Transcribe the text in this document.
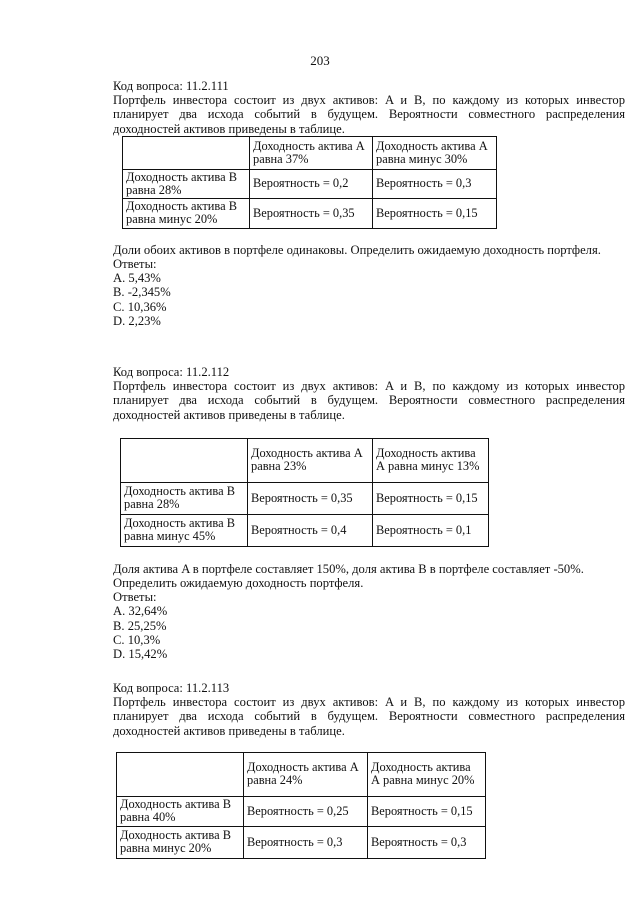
203

Код вопроса: 11.2.111

Портфель инвестора состоит из двух активов: A и B, по каждому из которых инвестор планирует два исхода событий в будущем. Вероятности совместного распределения доходностей активов приведены в таблице.

	Доходность актива А равна 37%	Доходность актива А равна минус 30%
Доходность актива В равна 28%	Вероятность = 0,2	Вероятность = 0,3
Доходность актива В равна минус 20%	Вероятность = 0,35	Вероятность = 0,15

Доли обоих активов в портфеле одинаковы. Определить ожидаемую доходность портфеля.

Ответы:
A. 5,43%
B. -2,345%
C. 10,36%
D. 2,23%

Код вопроса: 11.2.112

Портфель инвестора состоит из двух активов: A и B, по каждому из которых инвестор планирует два исхода событий в будущем. Вероятности совместного распределения доходностей активов приведены в таблице.

	Доходность актива А равна 23%	Доходность актива А равна минус 13%
Доходность актива В равна 28%	Вероятность = 0,35	Вероятность = 0,15
Доходность актива В равна минус 45%	Вероятность = 0,4	Вероятность = 0,1

Доля актива A в портфеле составляет 150%, доля актива B в портфеле составляет -50%. Определить ожидаемую доходность портфеля.

Ответы:
A. 32,64%
B. 25,25%
C. 10,3%
D. 15,42%

Код вопроса: 11.2.113

Портфель инвестора состоит из двух активов: A и B, по каждому из которых инвестор планирует два исхода событий в будущем. Вероятности совместного распределения доходностей активов приведены в таблице.

	Доходность актива А равна 24%	Доходность актива А равна минус 20%
Доходность актива В равна 40%	Вероятность = 0,25	Вероятность = 0,15
Доходность актива В равна минус 20%	Вероятность = 0,3	Вероятность = 0,3
